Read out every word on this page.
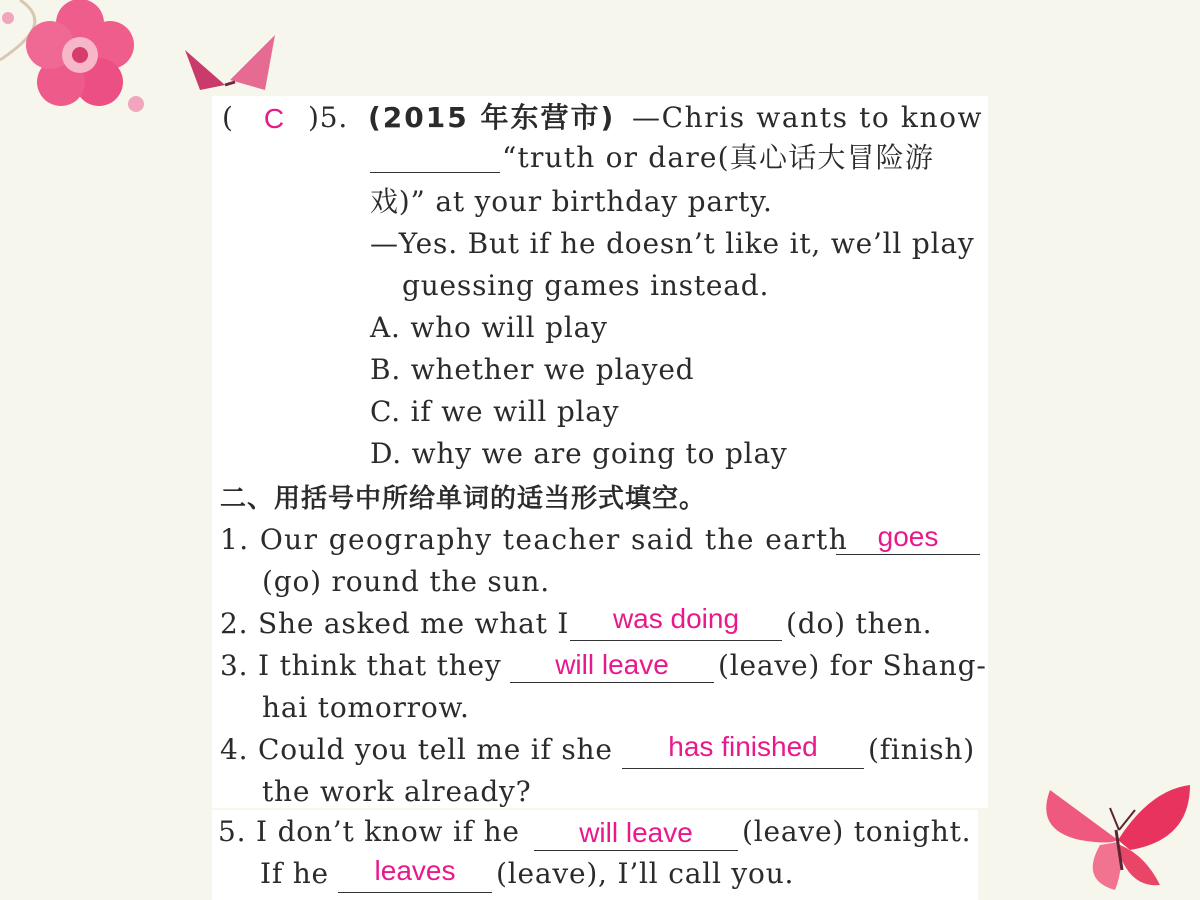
(	C )5. (2015 年东营市) —Chris wants to know
“truth or dare(真心话大冒险游
戏)” at your birthday party.
—Yes. But if he doesn’t like it, we’ll play
guessing games instead.
A. who will play
B. whether we played
C. if we will play
D. why we are going to play
二、用括号中所给单词的适当形式填空。
1. Our geography teacher said the earth	goes
(go) round the sun.
2. She asked me what I	was doing	(do) then.
3. I think that they	will leave	(leave) for Shang-
hai tomorrow.
4. Could you tell me if she	has finished	(finish)
the work already?
5. I don’t know if he	will leave	(leave) tonight.
If he	leaves	(leave), I’ll call you.
